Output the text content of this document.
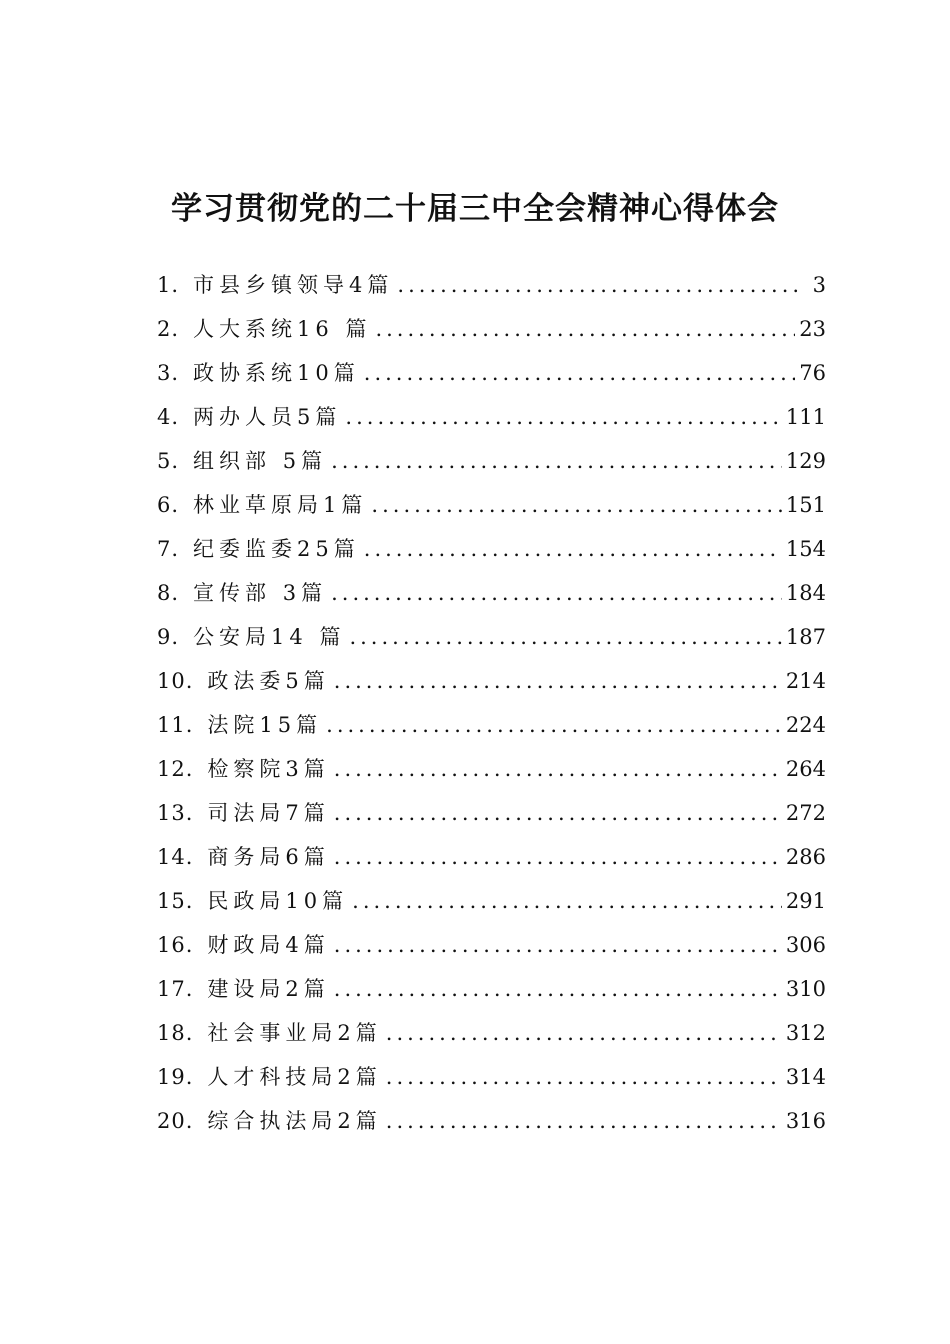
学习贯彻党的二十届三中全会精神心得体会
1. 市县乡镇领导4篇 .....	3
2. 人大系统16 篇 .....	23
3. 政协系统10篇 .....	76
4. 两办人员5篇 .....	111
5. 组织部 5篇 .....	129
6. 林业草原局1篇 .....	151
7. 纪委监委25篇 .....	154
8. 宣传部 3篇 .....	184
9. 公安局14 篇 .....	187
10. 政法委5篇 .....	214
11. 法院15篇 .....	224
12. 检察院3篇 .....	264
13. 司法局7篇 .....	272
14. 商务局6篇 .....	286
15. 民政局10篇 .....	291
16. 财政局4篇 .....	306
17. 建设局2篇 .....	310
18. 社会事业局2篇 .....	312
19. 人才科技局2篇 .....	314
20. 综合执法局2篇 .....	316
